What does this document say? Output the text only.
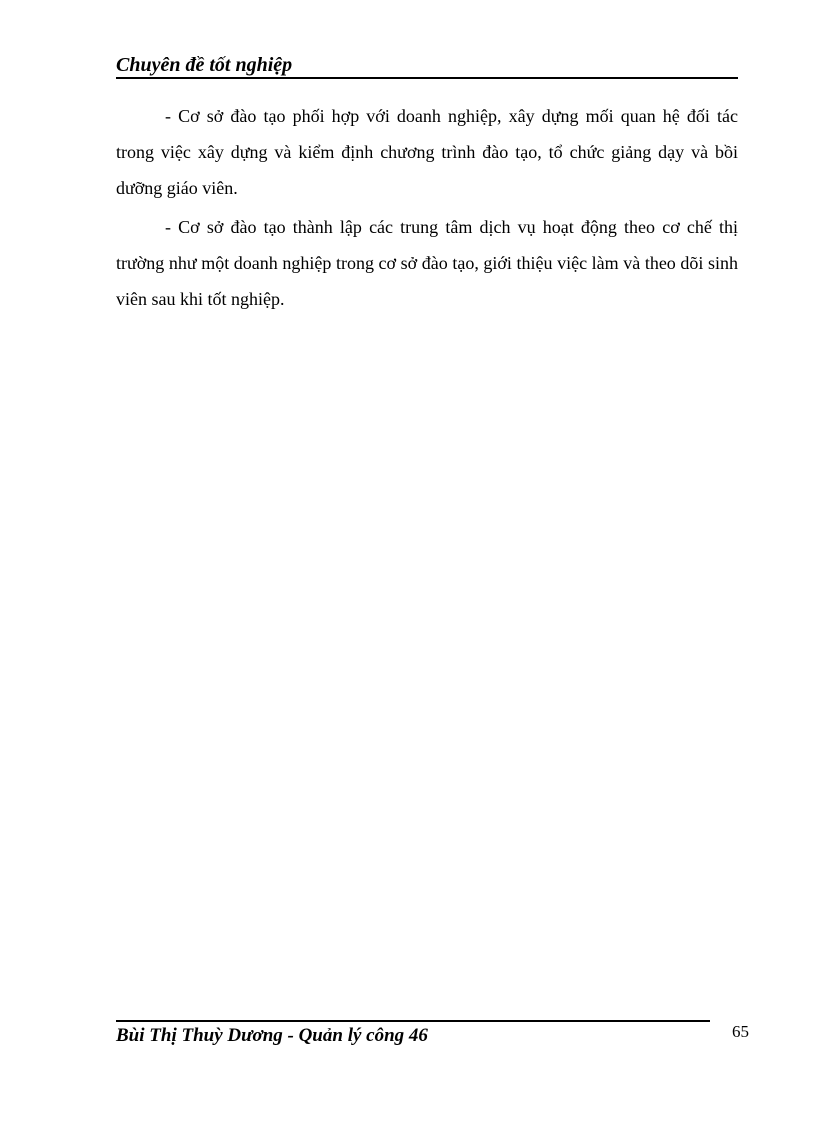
Chuyên đề tốt nghiệp

- Cơ sở đào tạo phối hợp với doanh nghiệp, xây dựng mối quan hệ đối tác trong việc xây dựng và kiểm định chương trình đào tạo, tổ chức giảng dạy và bồi dưỡng giáo viên.

- Cơ sở đào tạo thành lập các trung tâm dịch vụ hoạt động theo cơ chế thị trường như một doanh nghiệp trong cơ sở đào tạo, giới thiệu việc làm và theo dõi sinh viên sau khi tốt nghiệp.

Bùi Thị Thuỳ Dương - Quản lý công 46	65
